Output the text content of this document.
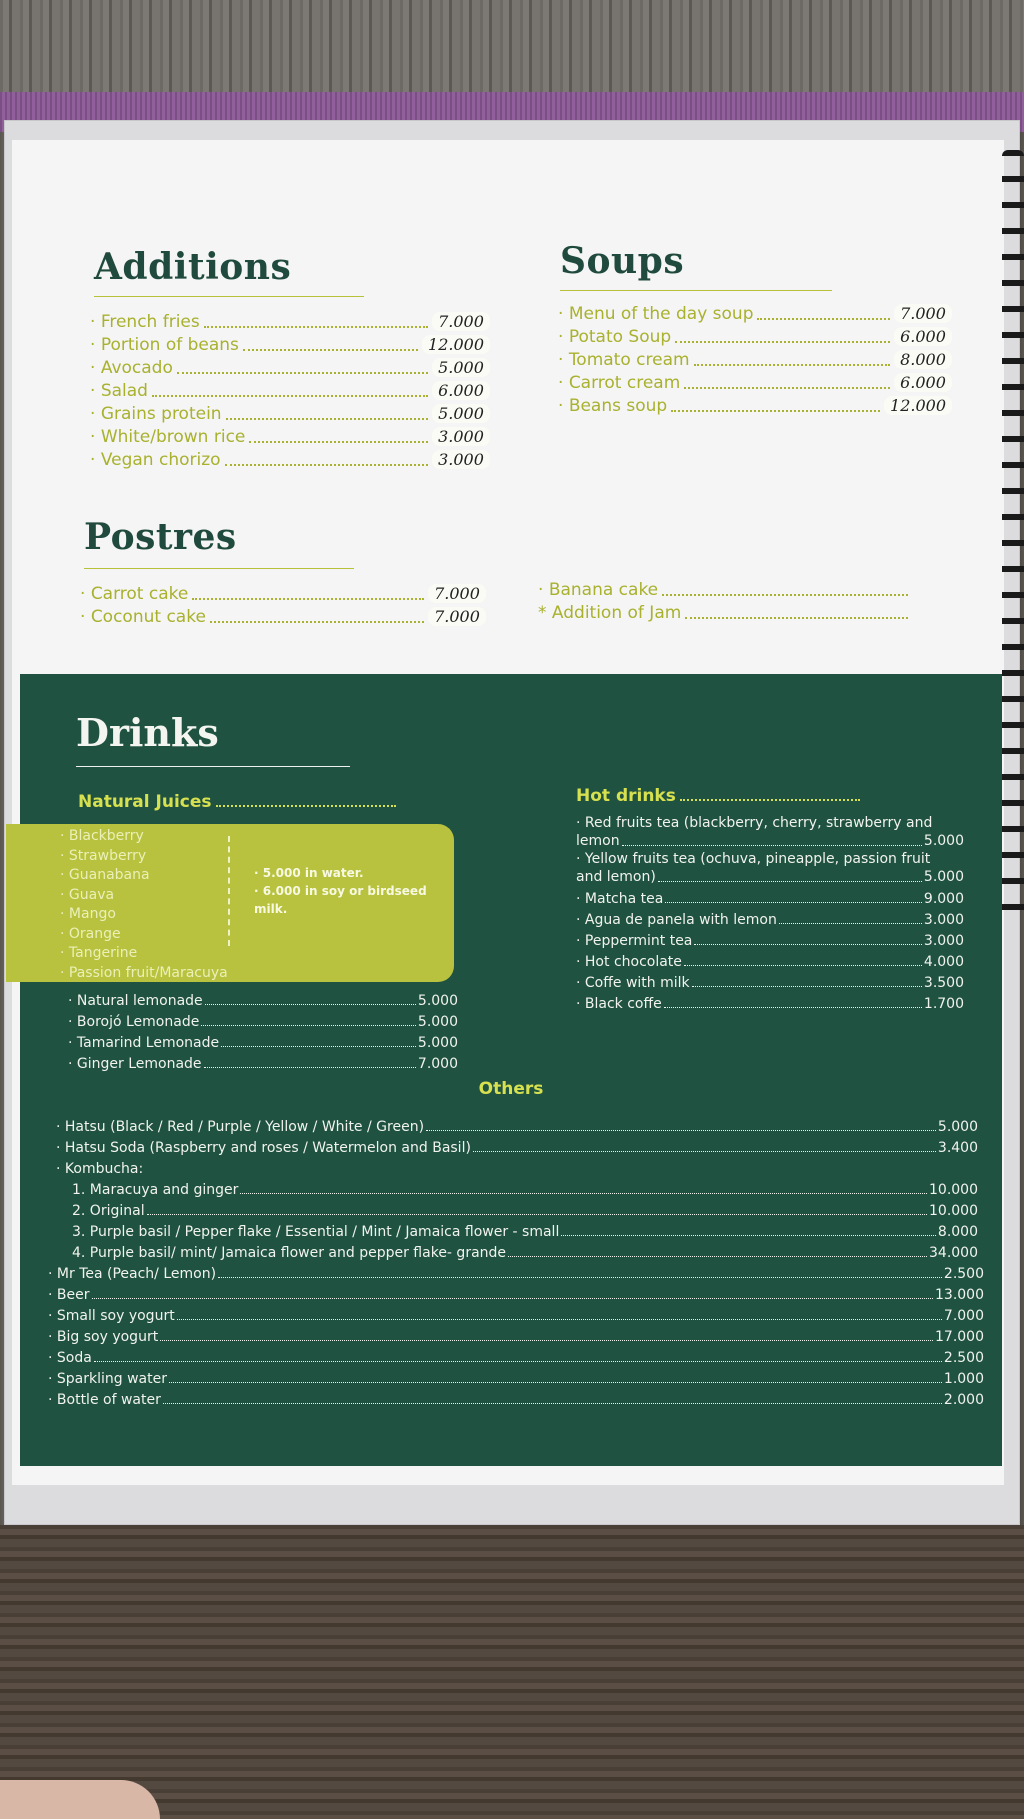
Additions
· French fries	7.000
· Portion of beans	12.000
· Avocado	5.000
· Salad	6.000
· Grains protein	5.000
· White/brown rice	3.000
· Vegan chorizo	3.000
Soups
· Menu of the day soup	7.000
· Potato Soup	6.000
· Tomato cream	8.000
· Carrot cream	6.000
· Beans soup	12.000
Postres
· Carrot cake	7.000
· Coconut cake	7.000
· Banana cake
* Addition of Jam
Drinks
Natural Juices
· Blackberry
· Strawberry
· Guanabana
· Guava
· Mango
· Orange
· Tangerine
· Passion fruit/Maracuya
· 5.000 in water.
· 6.000 in soy or birdseed milk.
· Natural lemonade	5.000
· Borojó Lemonade	5.000
· Tamarind Lemonade	5.000
· Ginger Lemonade	7.000
Hot drinks
· Red fruits tea (blackberry, cherry, strawberry and
lemon	5.000
· Yellow fruits tea (ochuva, pineapple, passion fruit
and lemon)	5.000
· Matcha tea	9.000
· Agua de panela with lemon	3.000
· Peppermint tea	3.000
· Hot chocolate	4.000
· Coffe with milk	3.500
· Black coffe	1.700
Others
· Hatsu (Black / Red / Purple / Yellow / White / Green)	5.000
· Hatsu Soda (Raspberry and roses / Watermelon and Basil)	3.400
· Kombucha:
1. Maracuya and ginger	10.000
2. Original	10.000
3. Purple basil / Pepper flake / Essential / Mint / Jamaica flower - small	8.000
4. Purple basil/ mint/ Jamaica flower and pepper flake- grande	34.000
· Mr Tea (Peach/ Lemon)	2.500
· Beer	13.000
· Small soy yogurt	7.000
· Big soy yogurt	17.000
· Soda	2.500
· Sparkling water	1.000
· Bottle of water	2.000
